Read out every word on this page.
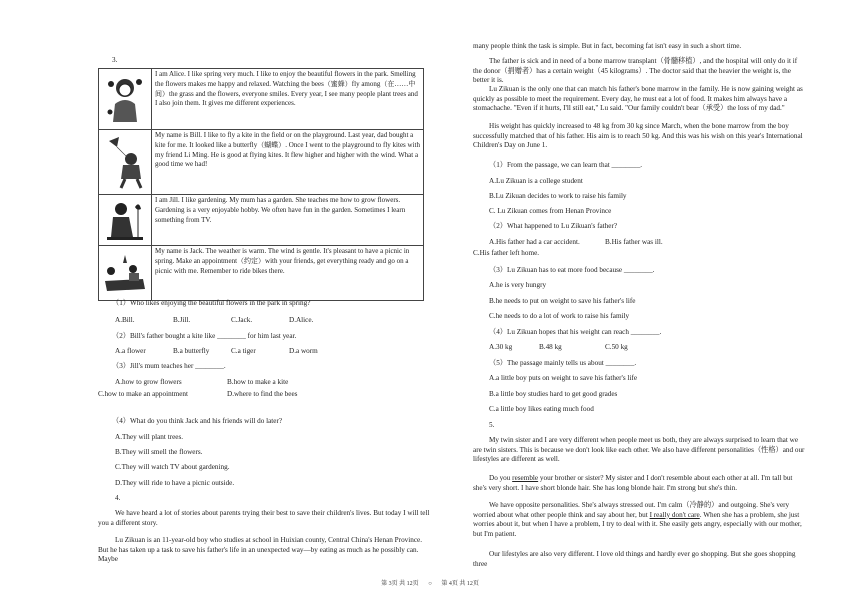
3.
	I am Alice. I like spring very much. I like to enjoy the beautiful flowers in the park. Smelling the flowers makes me happy and relaxed. Watching the bees（蜜蜂）fly among（在……中间）the grass and the flowers, everyone smiles. Every year, I see many people plant trees and I also join them. It gives me different experiences.

	My name is Bill. I like to fly a kite in the field or on the playground. Last year, dad bought a kite for me. It looked like a butterfly（蝴蝶）. Once I went to the playground to fly kites with my friend Li Ming. He is good at flying kites. It flew higher and higher with the wind. What a good time we had!

	I am Jill. I like gardening. My mum has a garden. She teaches me how to grow flowers. Gardening is a very enjoyable hobby. We often have fun in the garden. Sometimes I learn something from TV.

	My name is Jack. The weather is warm. The wind is gentle. It's pleasant to have a picnic in spring. Make an appointment（约定）with your friends, get everything ready and go on a picnic with me. Remember to ride bikes there.

（1）Who likes enjoying the beautiful flowers in the park in spring?

A.Bill.	B.Jill.	C.Jack.	D.Alice.

（2）Bill's father bought a kite like ________ for him last year.

A.a flower	B.a butterfly	C.a tiger	D.a worm

（3）Jill's mum teaches her ________.

A.how to grow flowers	B.how to make a kite
C.how to make an appointment	D.where to find the bees

（4）What do you think Jack and his friends will do later?

A.They will plant trees.

B.They will smell the flowers.

C.They will watch TV about gardening.

D.They will ride to have a picnic outside.

4.

We have heard a lot of stories about parents trying their best to save their children's lives. But today I will tell you a different story.

Lu Zikuan is an 11-year-old boy who studies at school in Huixian county, Central China's Henan Province. But he has taken up a task to save his father's life in an unexpected way—by eating as much as he possibly can. Maybe

many people think the task is simple. But in fact, becoming fat isn't easy in such a short time.

The father is sick and in need of a bone marrow transplant（骨髓移植）, and the hospital will only do it if the donor（捐赠者）has a certain weight（45 kilograms）. The doctor said that the heavier the weight is, the better it is.

Lu Zikuan is the only one that can match his father's bone marrow in the family. He is now gaining weight as quickly as possible to meet the requirement. Every day, he must eat a lot of food. It makes him always have a stomachache. "Even if it hurts, I'll still eat," Lu said. "Our family couldn't bear（承受）the loss of my dad."

His weight has quickly increased to 48 kg from 30 kg since March, when the bone marrow from the boy successfully matched that of his father. His aim is to reach 50 kg. And this was his wish on this year's International Children's Day on June 1.

（1）From the passage, we can learn that ________.

A.Lu Zikuan is a college student

B.Lu Zikuan decides to work to raise his family

C. Lu Zikuan comes from Henan Province

（2）What happened to Lu Zikuan's father?

A.His father had a car accident.	B.His father was ill.

C.His father left home.

（3）Lu Zikuan has to eat more food because ________.

A.he is very hungry

B.he needs to put on weight to save his father's life

C.he needs to do a lot of work to raise his family

（4）Lu Zikuan hopes that his weight can reach ________.

A.30 kg	B.48 kg	C.50 kg

（5）The passage mainly tells us about ________.

A.a little boy puts on weight to save his father's life

B.a little boy studies hard to get good grades

C.a little boy likes eating much food

5.

My twin sister and I are very different when people meet us both, they are always surprised to learn that we are twin sisters. This is because we don't look like each other. We also have different personalities（性格）and our lifestyles are different as well.

Do you resemble your brother or sister? My sister and I don't resemble about each other at all. I'm tall but she's very short. I have short blonde hair. She has long blonde hair. I'm strong but she's thin.

We have opposite personalities. She's always stressed out. I'm calm（冷静的）and outgoing. She's very worried about what other people think and say about her, but I really don't care. When she has a problem, she just worries about it, but when I have a problem, I try to deal with it. She easily gets angry, especially with our mother, but I'm patient.

Our lifestyles are also very different. I love old things and hardly ever go shopping. But she goes shopping three

第 3页 共 12页 ○ 第 4页 共 12页
